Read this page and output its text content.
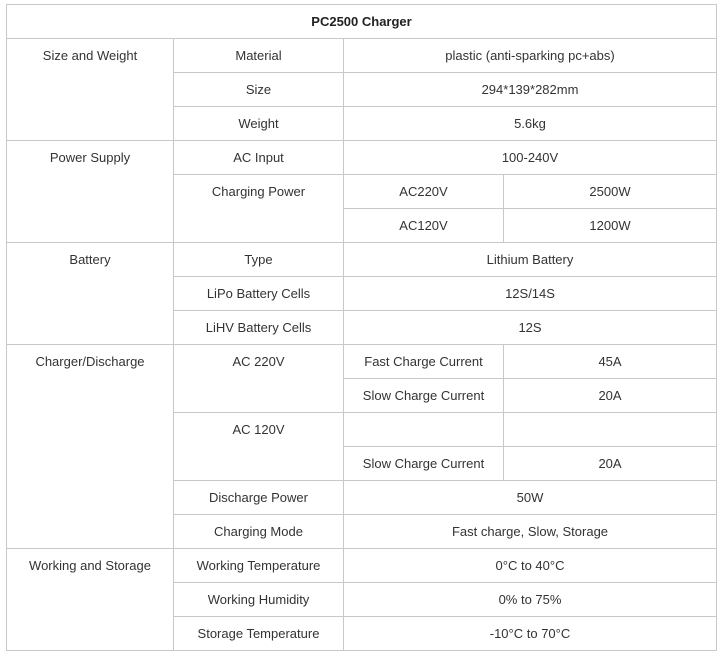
PC2500 Charger			
Size and Weight	Material	plastic (anti-sparking pc+abs)	
	Size	294*139*282mm	
	Weight	5.6kg	
Power Supply	AC Input	100-240V	
	Charging Power	AC220V	2500W
		AC120V	1200W
Battery	Type	Lithium Battery	
	LiPo Battery Cells	12S/14S	
	LiHV Battery Cells	12S	
Charger/Discharge	AC 220V	Fast Charge Current	45A
		Slow Charge Current	20A
	AC 120V		
		Slow Charge Current	20A
	Discharge Power	50W	
	Charging Mode	Fast charge, Slow, Storage	
Working and Storage	Working Temperature	0°C to 40°C	
	Working Humidity	0% to 75%	
	Storage Temperature	-10°C to 70°C	
